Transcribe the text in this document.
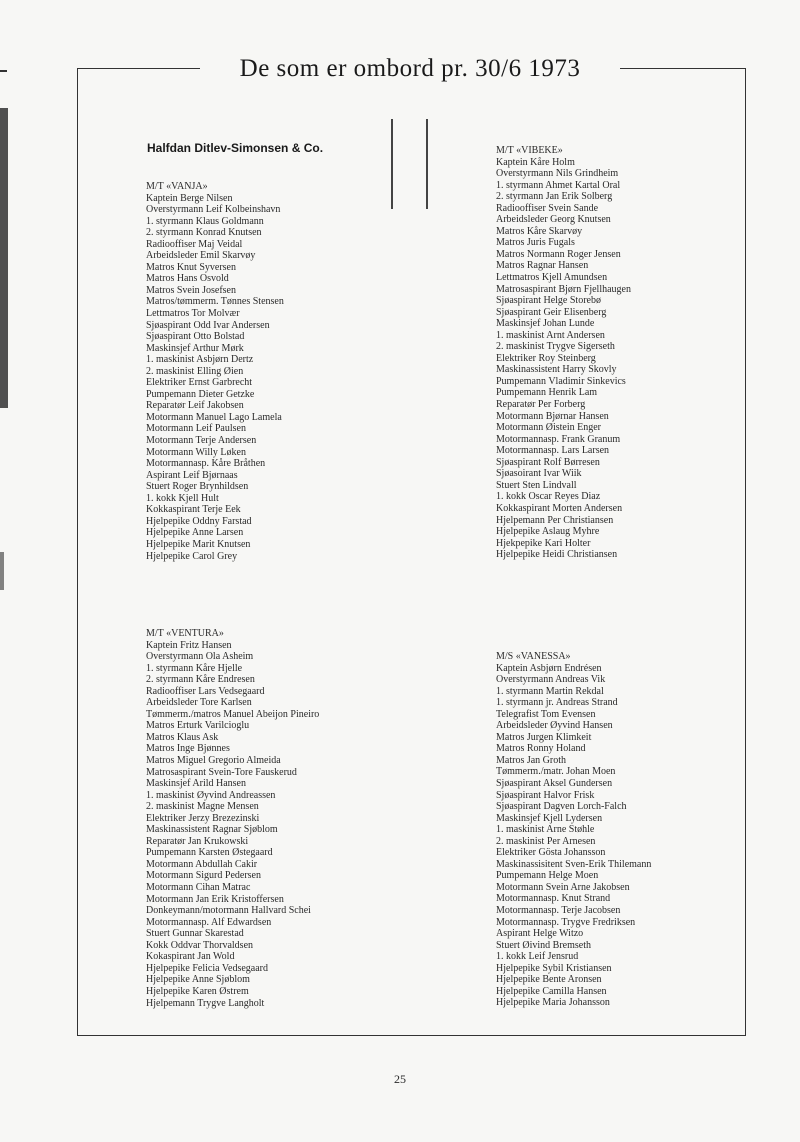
De som er ombord pr. 30/6 1973
Halfdan Ditlev-Simonsen & Co.
M/T «VANJA»
Kaptein Berge Nilsen
Overstyrmann Leif Kolbeinshavn
1. styrmann Klaus Goldmann
2. styrmann Konrad Knutsen
Radiooffiser Maj Veidal
Arbeidsleder Emil Skarvøy
Matros Knut Syversen
Matros Hans Osvold
Matros Svein Josefsen
Matros/tømmerm. Tønnes Stensen
Lettmatros Tor Molvær
Sjøaspirant Odd Ivar Andersen
Sjøaspirant Otto Bolstad
Maskinsjef Arthur Mørk
1. maskinist Asbjørn Dertz
2. maskinist Elling Øien
Elektriker Ernst Garbrecht
Pumpemann Dieter Getzke
Reparatør Leif Jakobsen
Motormann Manuel Lago Lamela
Motormann Leif Paulsen
Motormann Terje Andersen
Motormann Willy Løken
Motormannasp. Kåre Bråthen
Aspirant Leif Bjørnaas
Stuert Roger Brynhildsen
1. kokk Kjell Hult
Kokkaspirant Terje Eek
Hjelpepike Oddny Farstad
Hjelpepike Anne Larsen
Hjelpepike Marit Knutsen
Hjelpepike Carol Grey
M/T «VIBEKE»
Kaptein Kåre Holm
Overstyrmann Nils Grindheim
1. styrmann Ahmet Kartal Oral
2. styrmann Jan Erik Solberg
Radiooffiser Svein Sande
Arbeidsleder Georg Knutsen
Matros Kåre Skarvøy
Matros Juris Fugals
Matros Normann Roger Jensen
Matros Ragnar Hansen
Lettmatros Kjell Amundsen
Matrosaspirant Bjørn Fjellhaugen
Sjøaspirant Helge Storebø
Sjøaspirant Geir Elisenberg
Maskinsjef Johan Lunde
1. maskinist Arnt Andersen
2. maskinist Trygve Sigerseth
Elektriker Roy Steinberg
Maskinassistent Harry Skovly
Pumpemann Vladimir Sinkevics
Pumpemann Henrik Lam
Reparatør Per Forberg
Motormann Bjørnar Hansen
Motormann Øistein Enger
Motormannasp. Frank Granum
Motormannasp. Lars Larsen
Sjøaspirant Rolf Børresen
Sjøasoirant Ivar Wiik
Stuert Sten Lindvall
1. kokk Oscar Reyes Diaz
Kokkaspirant Morten Andersen
Hjelpemann Per Christiansen
Hjelpepike Aslaug Myhre
Hjekpepike Kari Holter
Hjelpepike Heidi Christiansen
M/T «VENTURA»
Kaptein Fritz Hansen
Overstyrmann Ola Asheim
1. styrmann Kåre Hjelle
2. styrmann Kåre Endresen
Radiooffiser Lars Vedsegaard
Arbeidsleder Tore Karlsen
Tømmerm./matros Manuel Abeijon Pineiro
Matros Erturk Varilcioglu
Matros Klaus Ask
Matros Inge Bjønnes
Matros Miguel Gregorio Almeida
Matrosaspirant Svein-Tore Fauskerud
Maskinsjef Arild Hansen
1. maskinist Øyvind Andreassen
2. maskinist Magne Mensen
Elektriker Jerzy Brezezinski
Maskinassistent Ragnar Sjøblom
Reparatør Jan Krukowski
Pumpemann Karsten Østegaard
Motormann Abdullah Cakir
Motormann Sigurd Pedersen
Motormann Cihan Matrac
Motormann Jan Erik Kristoffersen
Donkeymann/motormann Hallvard Schei
Motormannasp. Alf Edwardsen
Stuert Gunnar Skarestad
Kokk Oddvar Thorvaldsen
Kokaspirant Jan Wold
Hjelpepike Felicia Vedsegaard
Hjelpepike Anne Sjøblom
Hjelpepike Karen Østrem
Hjelpemann Trygve Langholt
M/S «VANESSA»
Kaptein Asbjørn Endrésen
Overstyrmann Andreas Vik
1. styrmann Martin Rekdal
1. styrmann jr. Andreas Strand
Telegrafist Tom Evensen
Arbeidsleder Øyvind Hansen
Matros Jurgen Klimkeit
Matros Ronny Holand
Matros Jan Groth
Tømmerm./matr. Johan Moen
Sjøaspirant Aksel Gundersen
Sjøaspirant Halvor Frisk
Sjøaspirant Dagven Lorch-Falch
Maskinsjef Kjell Lydersen
1. maskinist Arne Støhle
2. maskinist Per Arnesen
Elektriker Gösta Johansson
Maskinassisitent Sven-Erik Thilemann
Pumpemann Helge Moen
Motormann Svein Arne Jakobsen
Motormannasp. Knut Strand
Motormannasp. Terje Jacobsen
Motormannasp. Trygve Fredriksen
Aspirant Helge Witzo
Stuert Øivind Bremseth
1. kokk Leif Jensrud
Hjelpepike Sybil Kristiansen
Hjelpepike Bente Aronsen
Hjelpepike Camilla Hansen
Hjelpepike Maria Johansson
25
